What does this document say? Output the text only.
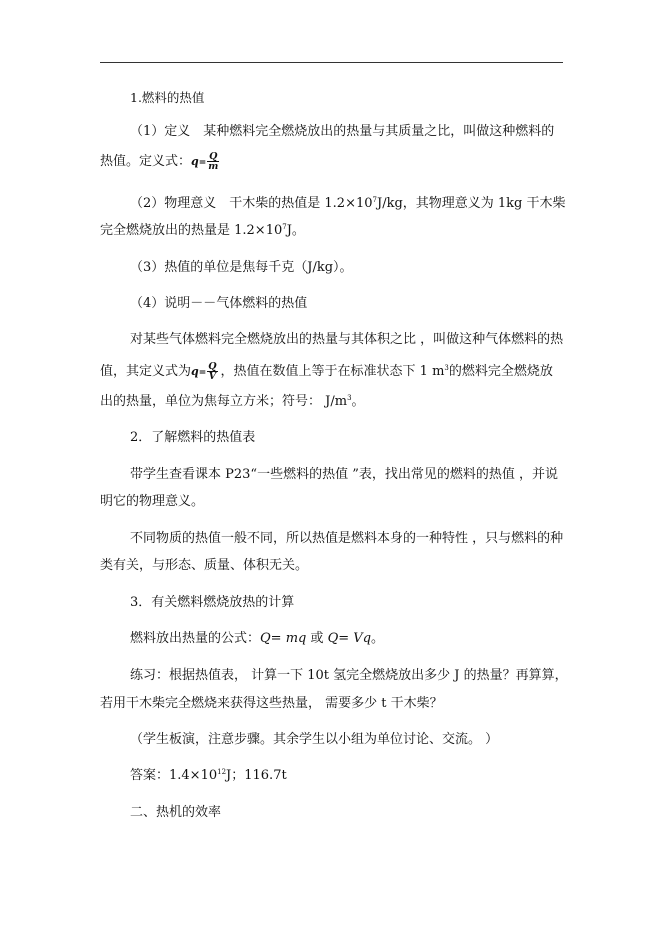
1.燃料的热值
（1）定义　某种燃料完全燃烧放出的热量与其质量之比，叫做这种燃料的
热值。定义式：$q= \frac{Q}{m}$
（2）物理意义　干木柴的热值是 $1.2\times 10^7J/kg$，其物理意义为 1kg 干木柴
完全燃烧放出的热量是 $1.2\times 10^7J$。
（3）热值的单位是焦每千克（J/kg）。
（4）说明－－气体燃料的热值
对某些气体燃料完全燃烧放出的热量与其体积之比 ，叫做这种气体燃料的热
值，其定义式为$q= \frac{Q}{V}$ ，热值在数值上等于在标准状态下 1 $m^3$的燃料完全燃烧放
出的热量，单位为焦每立方米；符号： $J/m^3$。
2．了解燃料的热值表
带学生查看课本 P23“一些燃料的热值 ”表，找出常见的燃料的热值 ，并说
明它的物理意义。
不同物质的热值一般不同，所以热值是燃料本身的一种特性 ，只与燃料的种
类有关，与形态、质量、体积无关。
3．有关燃料燃烧放热的计算
燃料放出热量的公式：Q= mq 或 Q= Vq。
练习：根据热值表， 计算一下 10t 氢完全燃烧放出多少 J 的热量？再算算，
若用干木柴完全燃烧来获得这些热量， 需要多少 t 干木柴？
（学生板演，注意步骤。其余学生以小组为单位讨论、交流。 ）
答案：$1.4\times 10^{12}J$；116.7t
二、热机的效率
